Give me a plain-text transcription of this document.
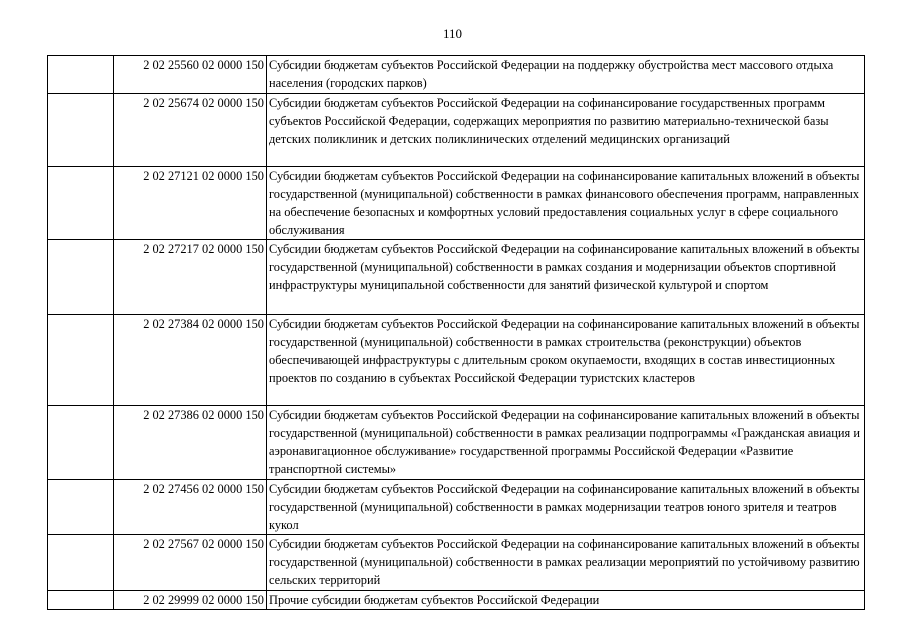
110
	2 02 25560 02 0000 150	Субсидии бюджетам субъектов Российской Федерации на поддержку обустройства мест массового отдыха населения (городских парков)
	2 02 25674 02 0000 150	Субсидии бюджетам субъектов Российской Федерации на софинансирование государственных программ субъектов Российской Федерации, содержащих мероприятия по развитию материально-технической базы детских поликлиник и детских поликлинических отделений медицинских организаций
	2 02 27121 02 0000 150	Субсидии бюджетам субъектов Российской Федерации на софинансирование капитальных вложений в объекты государственной (муниципальной) собственности в рамках финансового обеспечения программ, направленных на обеспечение безопасных и комфортных условий предоставления социальных услуг в сфере социального обслуживания
	2 02 27217 02 0000 150	Субсидии бюджетам субъектов Российской Федерации на софинансирование капитальных вложений в объекты государственной (муниципальной) собственности в рамках создания и модернизации объектов спортивной инфраструктуры муниципальной собственности для занятий физической культурой и спортом
	2 02 27384 02 0000 150	Субсидии бюджетам субъектов Российской Федерации на софинансирование капитальных вложений в объекты государственной (муниципальной) собственности в рамках строительства (реконструкции) объектов обеспечивающей инфраструктуры с длительным сроком окупаемости, входящих в состав инвестиционных проектов по созданию в субъектах Российской Федерации туристских кластеров
	2 02 27386 02 0000 150	Субсидии бюджетам субъектов Российской Федерации на софинансирование капитальных вложений в объекты государственной (муниципальной) собственности в рамках реализации подпрограммы «Гражданская авиация и аэронавигационное обслуживание» государственной программы Российской Федерации «Развитие транспортной системы»
	2 02 27456 02 0000 150	Субсидии бюджетам субъектов Российской Федерации на софинансирование капитальных вложений в объекты государственной (муниципальной) собственности в рамках модернизации театров юного зрителя и театров кукол
	2 02 27567 02 0000 150	Субсидии бюджетам субъектов Российской Федерации на софинансирование капитальных вложений в объекты государственной (муниципальной) собственности в рамках реализации мероприятий по устойчивому развитию сельских территорий
	2 02 29999 02 0000 150	Прочие субсидии бюджетам субъектов Российской Федерации
